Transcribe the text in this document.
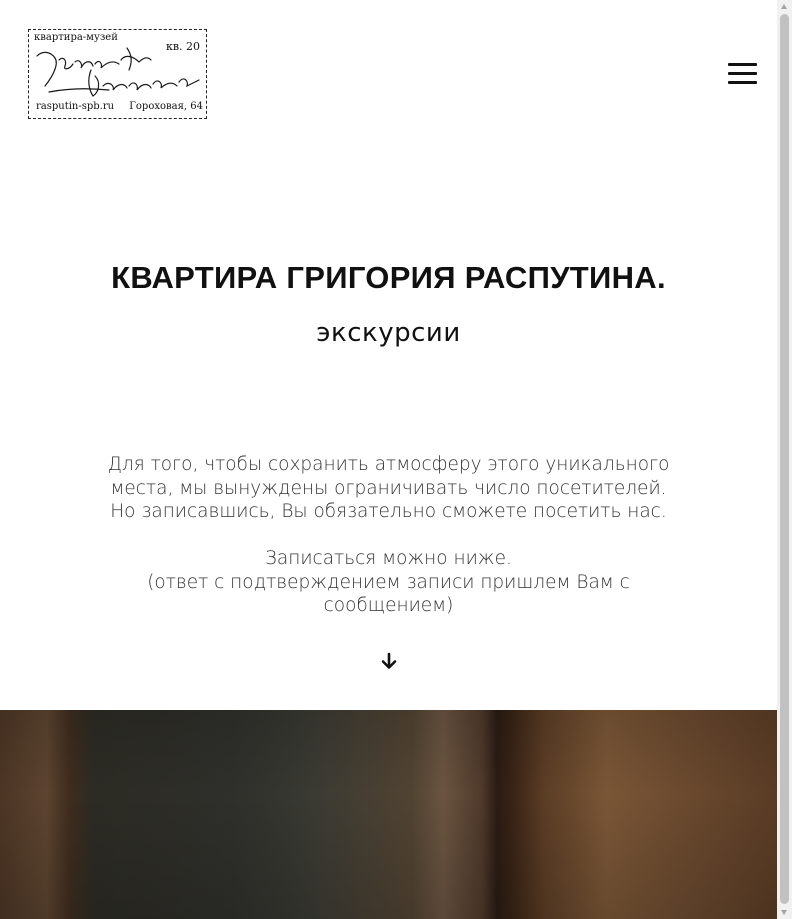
квартира-музей
кв. 20
rasputin-spb.ru Гороховая, 64
КВАРТИРА ГРИГОРИЯ РАСПУТИНА.
экскурсии

Для того, чтобы сохранить атмосферу этого уникального места, мы вынуждены ограничивать число посетителей.

Но записавшись, Вы обязательно сможете посетить нас.

Записаться можно ниже.

(ответ с подтверждением записи пришлем Вам с сообщением)
